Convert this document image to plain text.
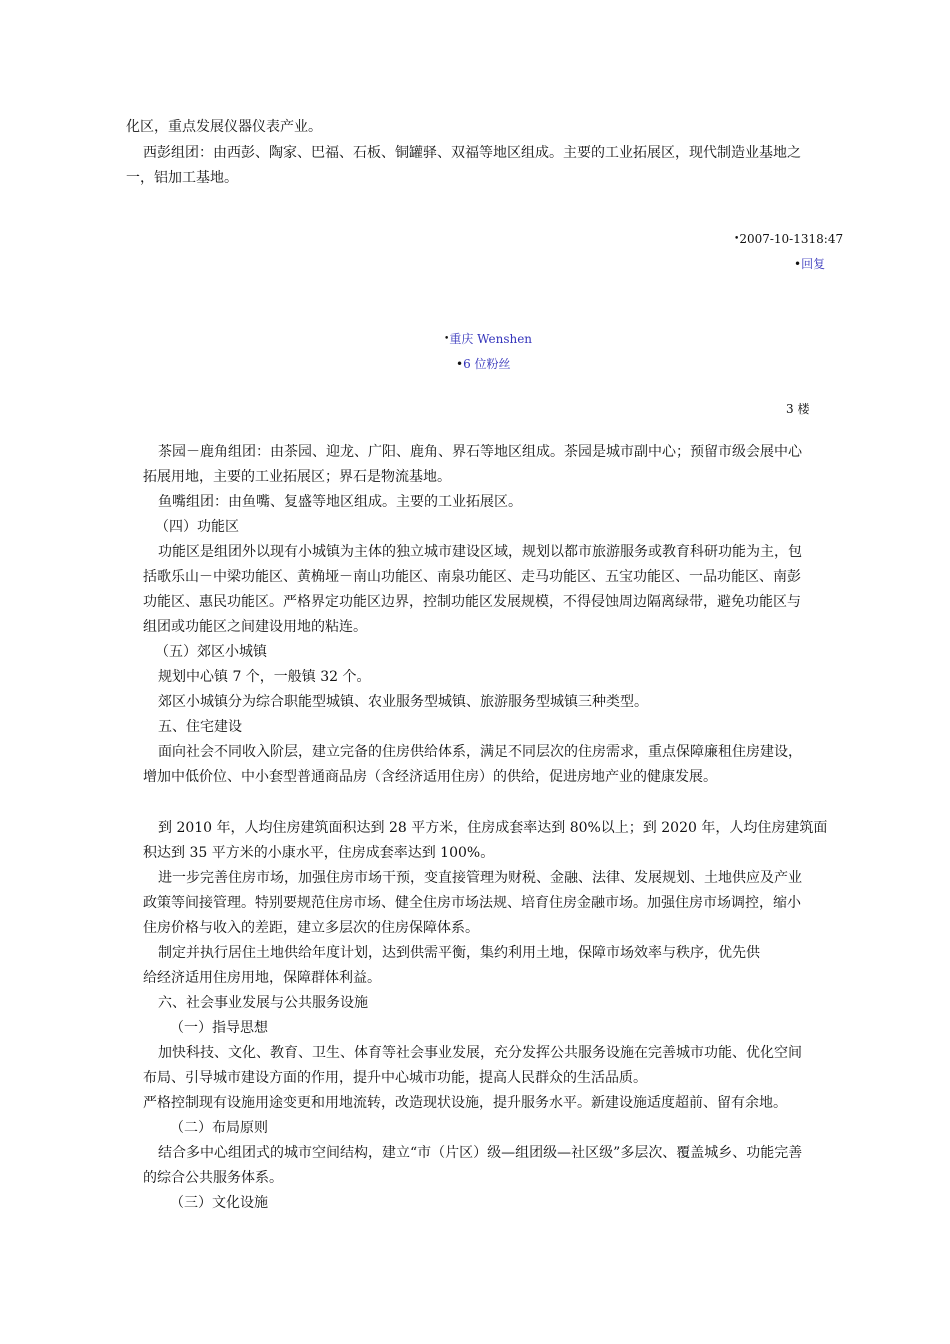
化区，重点发展仪器仪表产业。
西彭组团：由西彭、陶家、巴福、石板、铜罐驿、双福等地区组成。主要的工业拓展区，现代制造业基地之
一，铝加工基地。
•2007-10-1318:47
•回复
•重庆 Wenshen
•6 位粉丝
3 楼
茶园－鹿角组团：由茶园、迎龙、广阳、鹿角、界石等地区组成。茶园是城市副中心；预留市级会展中心
拓展用地，主要的工业拓展区；界石是物流基地。
鱼嘴组团：由鱼嘴、复盛等地区组成。主要的工业拓展区。
（四）功能区
功能区是组团外以现有小城镇为主体的独立城市建设区域，规划以都市旅游服务或教育科研功能为主，包
括歌乐山－中梁功能区、黄桷垭－南山功能区、南泉功能区、走马功能区、五宝功能区、一品功能区、南彭
功能区、惠民功能区。严格界定功能区边界，控制功能区发展规模，不得侵蚀周边隔离绿带，避免功能区与
组团或功能区之间建设用地的粘连。
（五）郊区小城镇
规划中心镇 7 个，一般镇 32 个。
郊区小城镇分为综合职能型城镇、农业服务型城镇、旅游服务型城镇三种类型。
五、住宅建设
面向社会不同收入阶层，建立完备的住房供给体系，满足不同层次的住房需求，重点保障廉租住房建设，
增加中低价位、中小套型普通商品房（含经济适用住房）的供给，促进房地产业的健康发展。
到 2010 年，人均住房建筑面积达到 28 平方米，住房成套率达到 80%以上；到 2020 年，人均住房建筑面
积达到 35 平方米的小康水平，住房成套率达到 100%。
进一步完善住房市场，加强住房市场干预，变直接管理为财税、金融、法律、发展规划、土地供应及产业
政策等间接管理。特别要规范住房市场、健全住房市场法规、培育住房金融市场。加强住房市场调控，缩小
住房价格与收入的差距，建立多层次的住房保障体系。
制定并执行居住土地供给年度计划，达到供需平衡，集约利用土地，保障市场效率与秩序，优先供
给经济适用住房用地，保障群体利益。
六、社会事业发展与公共服务设施
（一）指导思想
加快科技、文化、教育、卫生、体育等社会事业发展，充分发挥公共服务设施在完善城市功能、优化空间
布局、引导城市建设方面的作用，提升中心城市功能，提高人民群众的生活品质。
严格控制现有设施用途变更和用地流转，改造现状设施，提升服务水平。新建设施适度超前、留有余地。
（二）布局原则
结合多中心组团式的城市空间结构，建立“市（片区）级—组团级—社区级”多层次、覆盖城乡、功能完善
的综合公共服务体系。
（三）文化设施
